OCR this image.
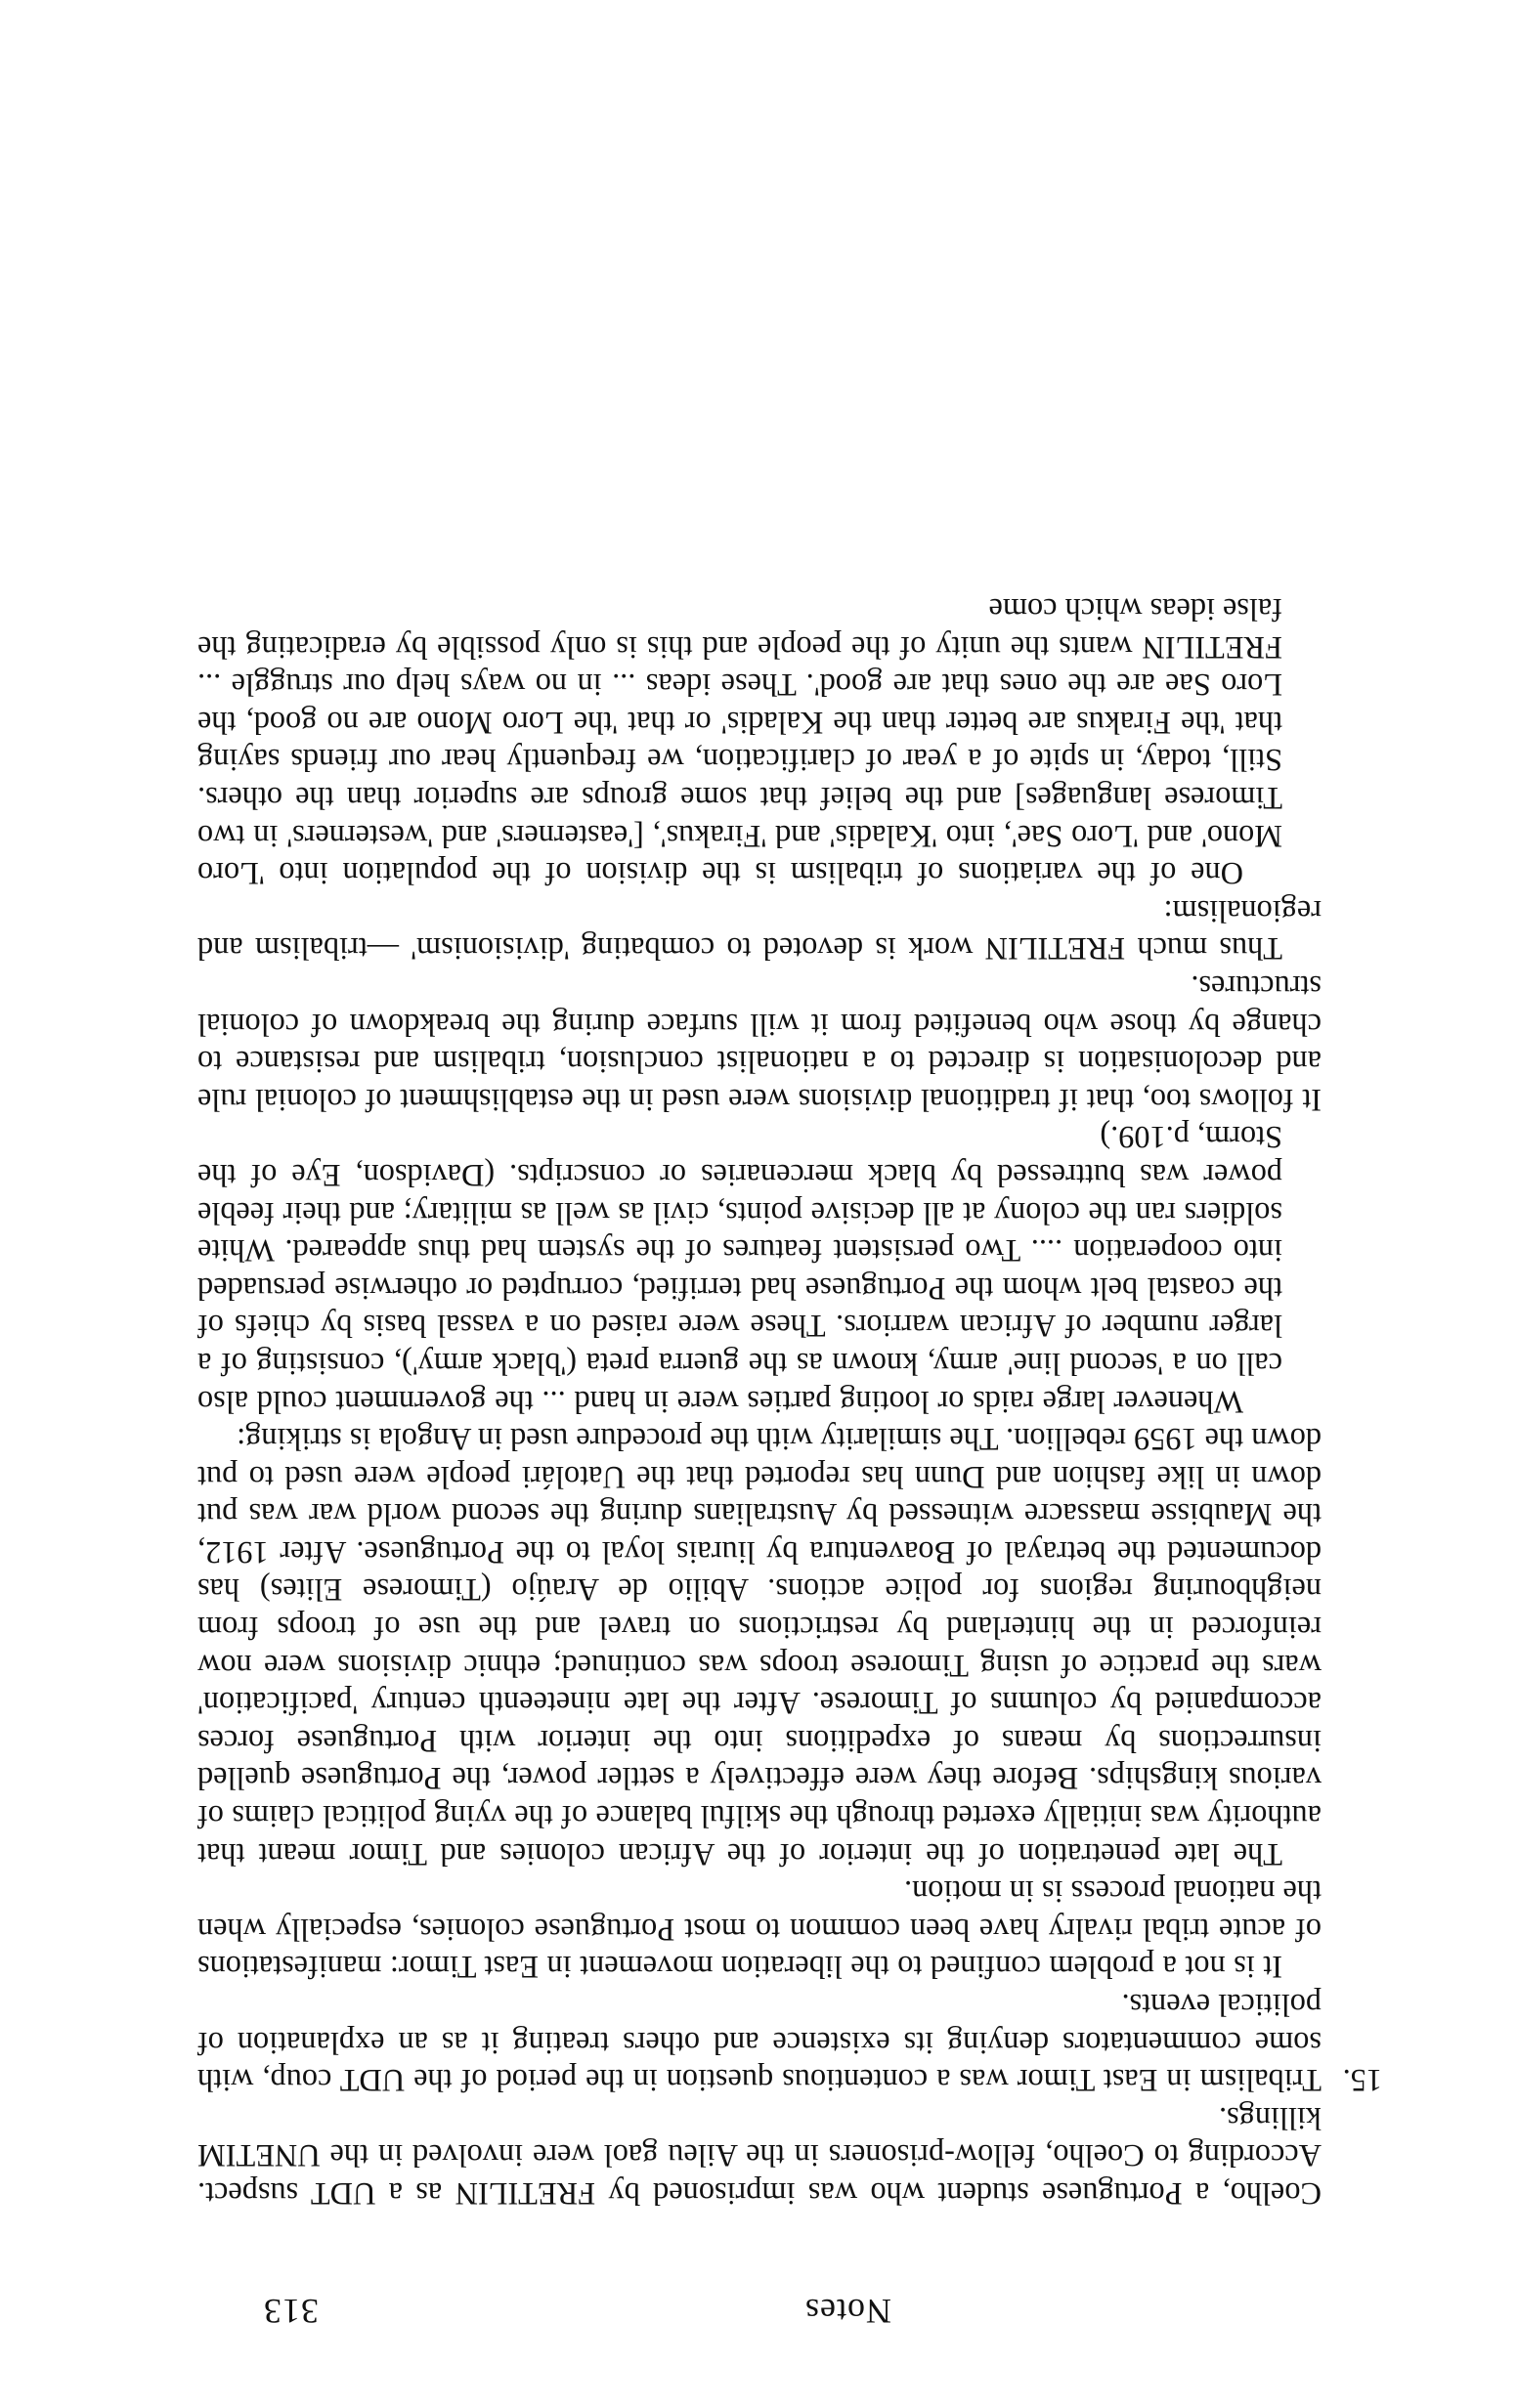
Notes
313

Coelho, a Portuguese student who was imprisoned by FRETILIN as a UDT suspect. According to Coelho, fellow-prisoners in the Aileu gaol were involved in the UNETIM killings.

15.
Tribalism in East Timor was a contentious question in the period of the UDT coup, with some commentators denying its existence and others treating it as an explanation of political events.

It is not a problem confined to the liberation movement in East Timor: manifestations of acute tribal rivalry have been common to most Portuguese colonies, especially when the national process is in motion.

The late penetration of the interior of the African colonies and Timor meant that authority was initially exerted through the skilful balance of the vying political claims of various kingships. Before they were effectively a settler power, the Portuguese quelled insurrections by means of expeditions into the interior with Portuguese forces accompanied by columns of Timorese. After the late nineteenth century 'pacification' wars the practice of using Timorese troops was continued; ethnic divisions were now reinforced in the hinterland by restrictions on travel and the use of troops from neighbouring regions for police actions. Abilio de Araújo (Timorese Elites) has documented the betrayal of Boaventura by liurais loyal to the Portuguese. After 1912, the Maubisse massacre witnessed by Australians during the second world war was put down in like fashion and Dunn has reported that the Uatolári people were used to put down the 1959 rebellion. The similarity with the procedure used in Angola is striking:

Whenever large raids or looting parties were in hand ... the government could also call on a 'second line' army, known as the guerra preta ('black army'), consisting of a larger number of African warriors. These were raised on a vassal basis by chiefs of the coastal belt whom the Portuguese had terrified, corrupted or otherwise persuaded into cooperation .... Two persistent features of the system had thus appeared. White soldiers ran the colony at all decisive points, civil as well as military; and their feeble power was buttressed by black mercenaries or conscripts. (Davidson, Eye of the Storm, p.109.)

It follows too, that if traditional divisions were used in the establishment of colonial rule and decolonisation is directed to a nationalist conclusion, tribalism and resistance to change by those who benefited from it will surface during the breakdown of colonial structures.

Thus much FRETILIN work is devoted to combating 'divisionism' —tribalism and regionalism:

One of the variations of tribalism is the division of the population into 'Loro Mono' and 'Loro Sae', into 'Kaladis' and 'Firakus', ['easterners' and 'westerners' in two Timorese languages] and the belief that some groups are superior than the others. Still, today, in spite of a year of clarification, we frequently hear our friends saying that 'the Firakus are better than the Kaladis' or that 'the Loro Mono are no good, the Loro Sae are the ones that are good'. These ideas ... in no ways help our struggle ... FRETILIN wants the unity of the people and this is only possible by eradicating the false ideas which come
